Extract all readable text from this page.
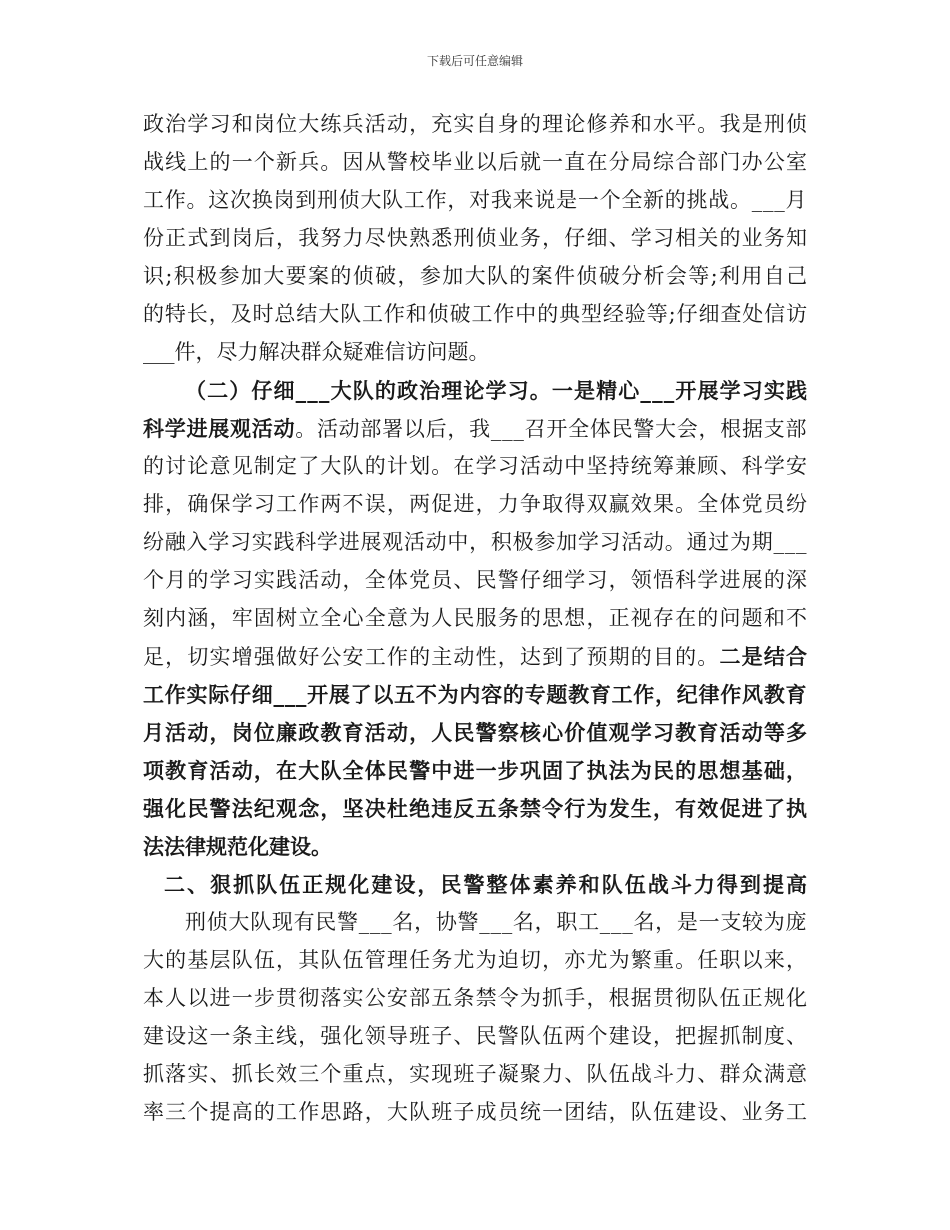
下载后可任意编辑
政治学习和岗位大练兵活动，充实自身的理论修养和水平。我是刑侦
战线上的一个新兵。因从警校毕业以后就一直在分局综合部门办公室
工作。这次换岗到刑侦大队工作，对我来说是一个全新的挑战。___月
份正式到岗后，我努力尽快熟悉刑侦业务，仔细、学习相关的业务知
识;积极参加大要案的侦破，参加大队的案件侦破分析会等;利用自己
的特长，及时总结大队工作和侦破工作中的典型经验等;仔细查处信访
___件，尽力解决群众疑难信访问题。
（二）仔细___大队的政治理论学习。一是精心___开展学习实践
科学进展观活动。活动部署以后，我___召开全体民警大会，根据支部
的讨论意见制定了大队的计划。在学习活动中坚持统筹兼顾、科学安
排，确保学习工作两不误，两促进，力争取得双赢效果。全体党员纷
纷融入学习实践科学进展观活动中，积极参加学习活动。通过为期___
个月的学习实践活动，全体党员、民警仔细学习，领悟科学进展的深
刻内涵，牢固树立全心全意为人民服务的思想，正视存在的问题和不
足，切实增强做好公安工作的主动性，达到了预期的目的。二是结合
工作实际仔细___开展了以五不为内容的专题教育工作，纪律作风教育
月活动，岗位廉政教育活动，人民警察核心价值观学习教育活动等多
项教育活动，在大队全体民警中进一步巩固了执法为民的思想基础，
强化民警法纪观念，坚决杜绝违反五条禁令行为发生，有效促进了执
法法律规范化建设。
二、狠抓队伍正规化建设，民警整体素养和队伍战斗力得到提高
刑侦大队现有民警___名，协警___名，职工___名，是一支较为庞
大的基层队伍，其队伍管理任务尤为迫切，亦尤为繁重。任职以来，
本人以进一步贯彻落实公安部五条禁令为抓手，根据贯彻队伍正规化
建设这一条主线，强化领导班子、民警队伍两个建设，把握抓制度、
抓落实、抓长效三个重点，实现班子凝聚力、队伍战斗力、群众满意
率三个提高的工作思路，大队班子成员统一团结，队伍建设、业务工
